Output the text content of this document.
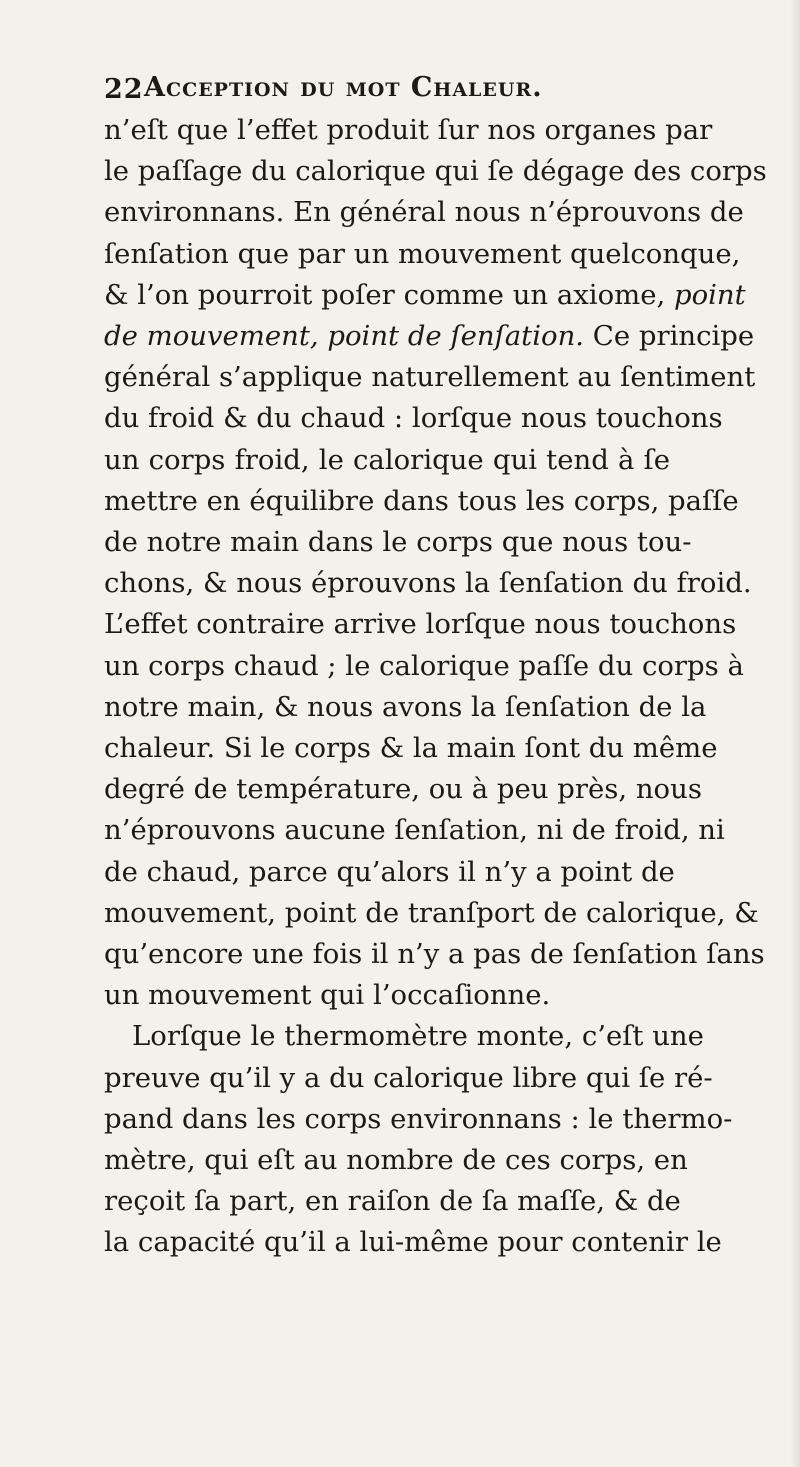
22 Acception du mot Chaleur.
n’eſt que l’effet produit ſur nos organes par
le paſſage du calorique qui ſe dégage des corps
environnans. En général nous n’éprouvons de
ſenſation que par un mouvement quelconque,
& l’on pourroit poſer comme un axiome, point
de mouvement, point de ſenſation. Ce principe
général s’applique naturellement au ſentiment
du froid & du chaud : lorſque nous touchons
un corps froid, le calorique qui tend à ſe
mettre en équilibre dans tous les corps, paſſe
de notre main dans le corps que nous tou-
chons, & nous éprouvons la ſenſation du froid.
L’effet contraire arrive lorſque nous touchons
un corps chaud ; le calorique paſſe du corps à
notre main, & nous avons la ſenſation de la
chaleur. Si le corps & la main ſont du même
degré de température, ou à peu près, nous
n’éprouvons aucune ſenſation, ni de froid, ni
de chaud, parce qu’alors il n’y a point de
mouvement, point de tranſport de calorique, &
qu’encore une fois il n’y a pas de ſenſation ſans
un mouvement qui l’occaſionne.
Lorſque le thermomètre monte, c’eſt une
preuve qu’il y a du calorique libre qui ſe ré-
pand dans les corps environnans : le thermo-
mètre, qui eſt au nombre de ces corps, en
reçoit ſa part, en raiſon de ſa maſſe, & de
la capacité qu’il a lui-même pour contenir le
